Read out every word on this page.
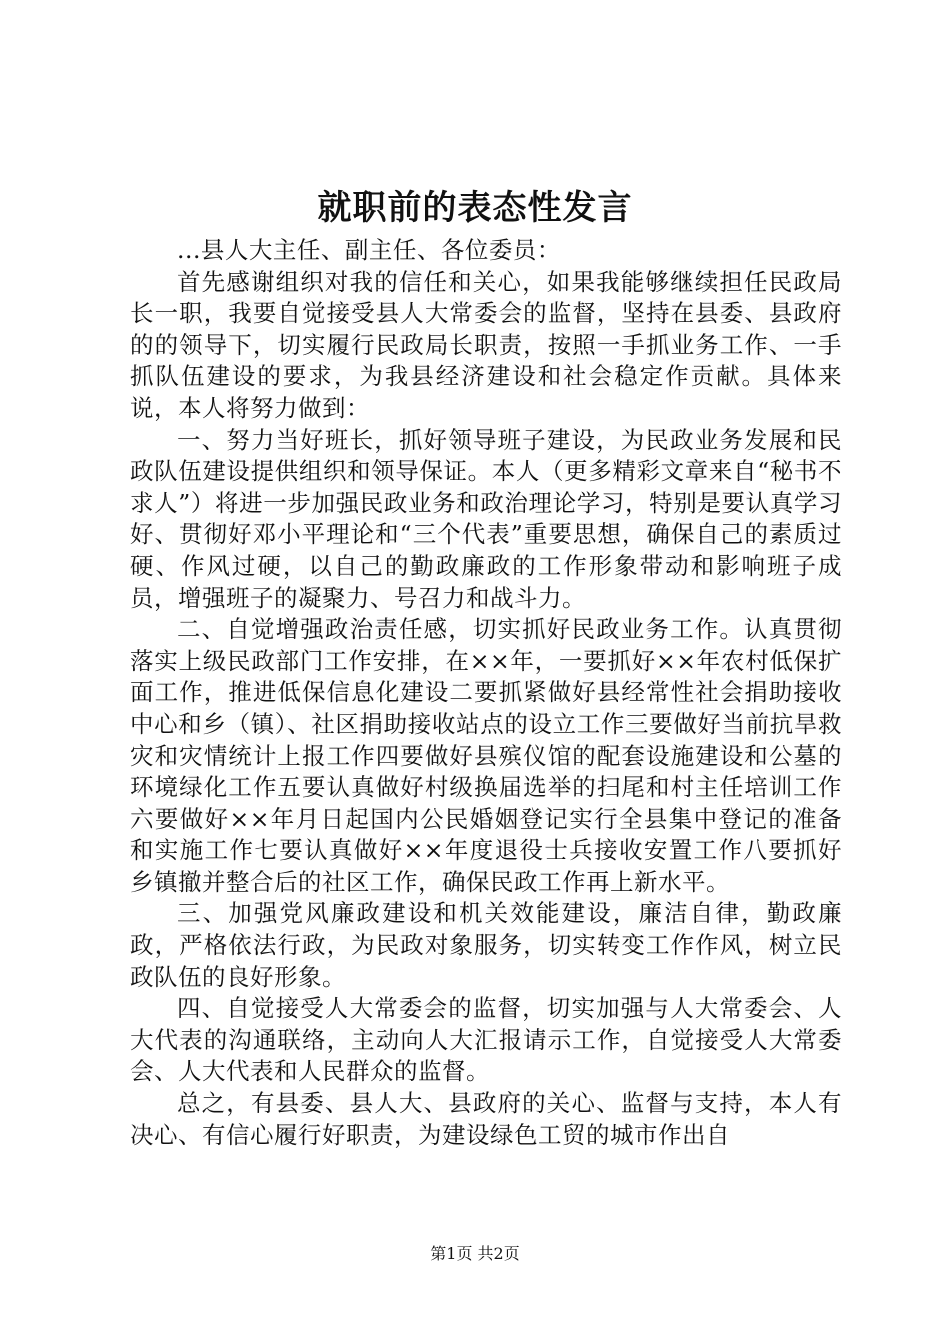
就职前的表态性发言

...县人大主任、副主任、各位委员：

首先感谢组织对我的信任和关心，如果我能够继续担任民政局长一职，我要自觉接受县人大常委会的监督，坚持在县委、县政府的的领导下，切实履行民政局长职责，按照一手抓业务工作、一手抓队伍建设的要求，为我县经济建设和社会稳定作贡献。具体来说，本人将努力做到：

一、努力当好班长，抓好领导班子建设，为民政业务发展和民政队伍建设提供组织和领导保证。本人（更多精彩文章来自“秘书不求人”）将进一步加强民政业务和政治理论学习，特别是要认真学习好、贯彻好邓小平理论和“三个代表”重要思想，确保自己的素质过硬、作风过硬，以自己的勤政廉政的工作形象带动和影响班子成员，增强班子的凝聚力、号召力和战斗力。

二、自觉增强政治责任感，切实抓好民政业务工作。认真贯彻落实上级民政部门工作安排，在××年，一要抓好××年农村低保扩面工作，推进低保信息化建设二要抓紧做好县经常性社会捐助接收中心和乡（镇）、社区捐助接收站点的设立工作三要做好当前抗旱救灾和灾情统计上报工作四要做好县殡仪馆的配套设施建设和公墓的环境绿化工作五要认真做好村级换届选举的扫尾和村主任培训工作六要做好××年月日起国内公民婚姻登记实行全县集中登记的准备和实施工作七要认真做好××年度退役士兵接收安置工作八要抓好乡镇撤并整合后的社区工作，确保民政工作再上新水平。

三、加强党风廉政建设和机关效能建设，廉洁自律，勤政廉政，严格依法行政，为民政对象服务，切实转变工作作风，树立民政队伍的良好形象。

四、自觉接受人大常委会的监督，切实加强与人大常委会、人大代表的沟通联络，主动向人大汇报请示工作，自觉接受人大常委会、人大代表和人民群众的监督。

总之，有县委、县人大、县政府的关心、监督与支持，本人有决心、有信心履行好职责，为建设绿色工贸的城市作出自

第1页 共2页
